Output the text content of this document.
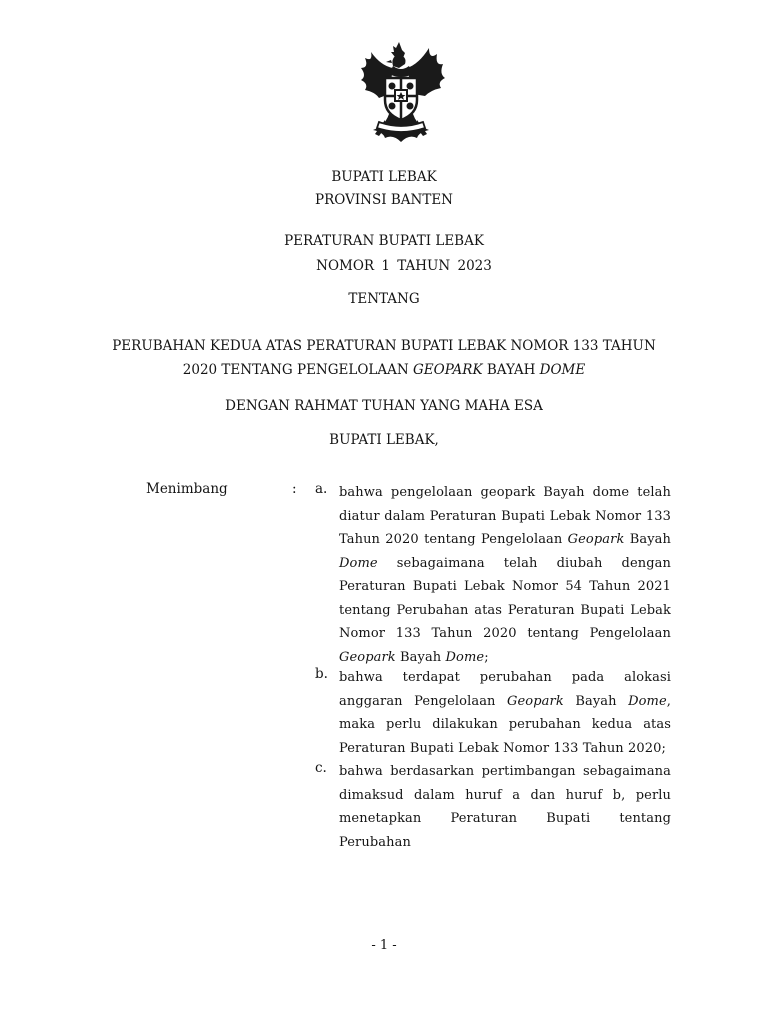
BUPATI LEBAK
PROVINSI BANTEN
PERATURAN BUPATI LEBAK
NOMOR 1 TAHUN 2023
TENTANG
PERUBAHAN KEDUA ATAS PERATURAN BUPATI LEBAK NOMOR 133 TAHUN
2020 TENTANG PENGELOLAAN GEOPARK BAYAH DOME
DENGAN RAHMAT TUHAN YANG MAHA ESA
BUPATI LEBAK,
Menimbang	: a. bahwa pengelolaan geopark Bayah dome telah diatur dalam Peraturan Bupati Lebak Nomor 133 Tahun 2020 tentang Pengelolaan Geopark Bayah Dome sebagaimana telah diubah dengan Peraturan Bupati Lebak Nomor 54 Tahun 2021 tentang Perubahan atas Peraturan Bupati Lebak Nomor 133 Tahun 2020 tentang Pengelolaan Geopark Bayah Dome;
b. bahwa terdapat perubahan pada alokasi anggaran Pengelolaan Geopark Bayah Dome, maka perlu dilakukan perubahan kedua atas Peraturan Bupati Lebak Nomor 133 Tahun 2020;
c. bahwa berdasarkan pertimbangan sebagaimana dimaksud dalam huruf a dan huruf b, perlu menetapkan Peraturan Bupati tentang Perubahan
- 1 -
